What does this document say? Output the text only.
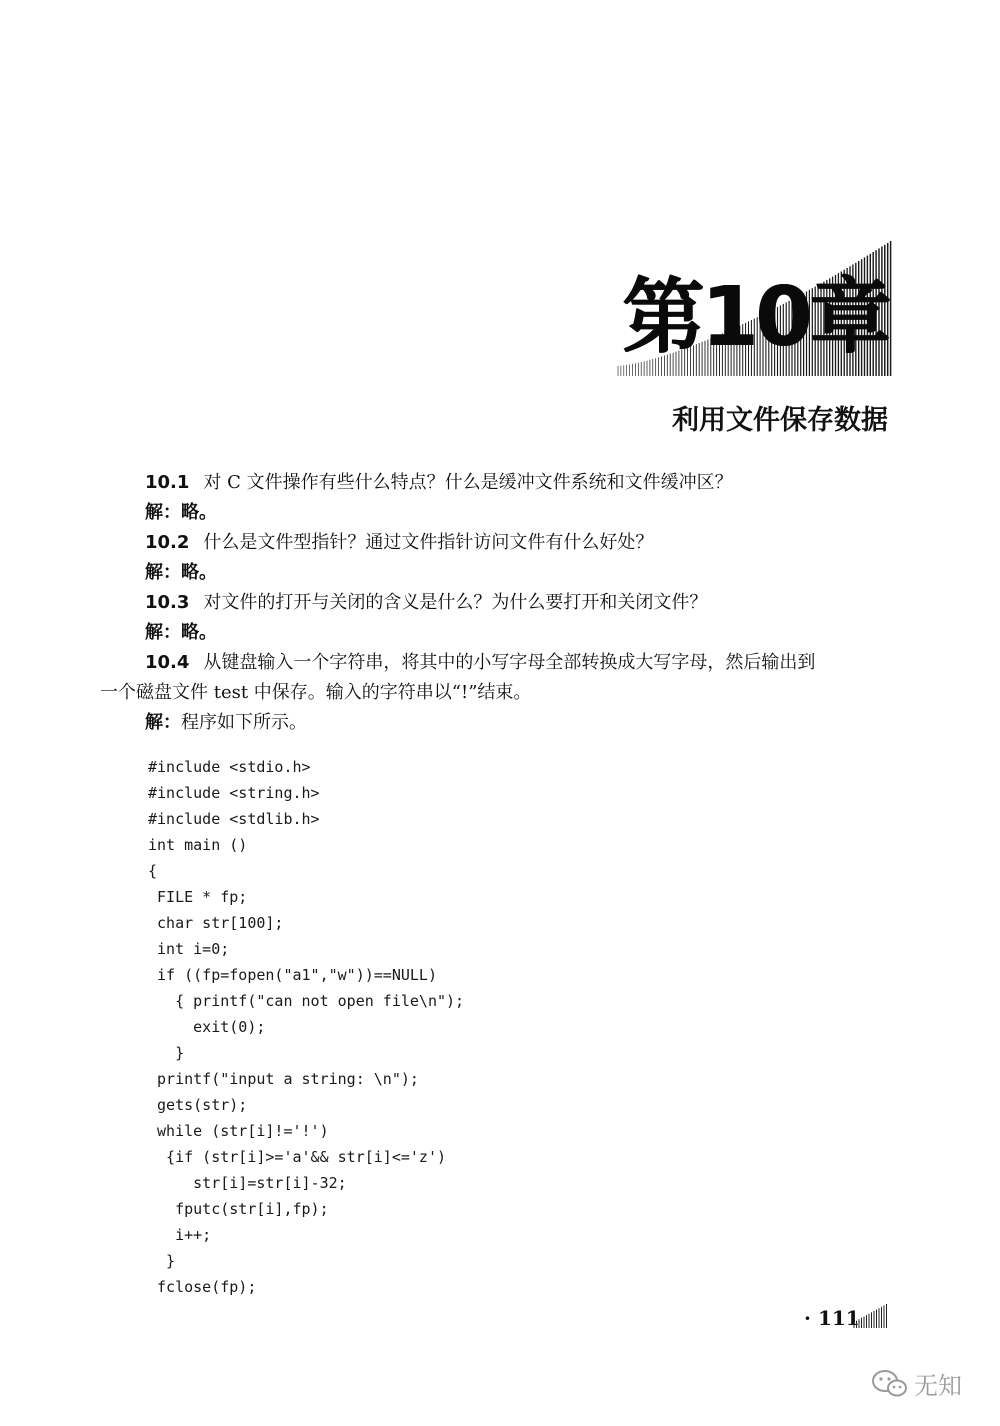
第10章
利用文件保存数据
10.1 对 C 文件操作有些什么特点？什么是缓冲文件系统和文件缓冲区？
解：略。
10.2 什么是文件型指针？通过文件指针访问文件有什么好处？
解：略。
10.3 对文件的打开与关闭的含义是什么？为什么要打开和关闭文件？
解：略。
10.4 从键盘输入一个字符串，将其中的小写字母全部转换成大写字母，然后输出到
一个磁盘文件 test 中保存。输入的字符串以“!”结束。
解：程序如下所示。
#include <stdio.h>
#include <string.h>
#include <stdlib.h>
int main ()
{
FILE * fp;
char str[100];
int i=0;
if ((fp=fopen("a1","w"))==NULL)
{ printf("can not open file\n");
exit(0);
}
printf("input a string: \n");
gets(str);
while (str[i]!='!')
{if (str[i]>='a'&& str[i]<='z')
str[i]=str[i]-32;
fputc(str[i],fp);
i++;
}
fclose(fp);
· 111
无知
